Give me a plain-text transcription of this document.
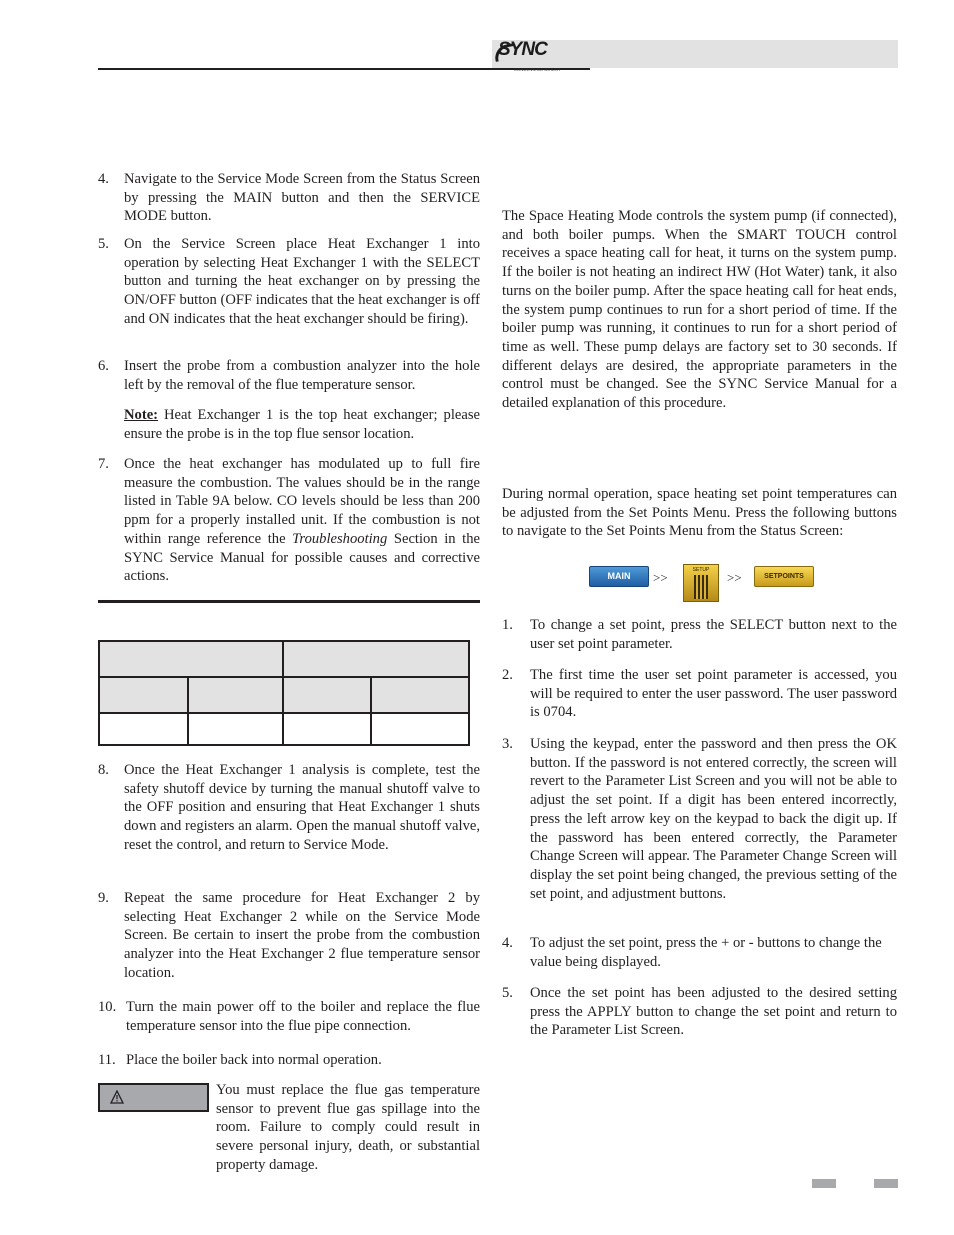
SYNC
CONDENSING BOILER
4. Navigate to the Service Mode Screen from the Status Screen by pressing the MAIN button and then the SERVICE MODE button.
5. On the Service Screen place Heat Exchanger 1 into operation by selecting Heat Exchanger 1 with the SELECT button and turning the heat exchanger on by pressing the ON/OFF button (OFF indicates that the heat exchanger is off and ON indicates that the heat exchanger should be firing).
6. Insert the probe from a combustion analyzer into the hole left by the removal of the flue temperature sensor.
Note: Heat Exchanger 1 is the top heat exchanger; please ensure the probe is in the top flue sensor location.
7. Once the heat exchanger has modulated up to full fire measure the combustion. The values should be in the range listed in Table 9A below. CO levels should be less than 200 ppm for a properly installed unit. If the combustion is not within range reference the Troubleshooting Section in the SYNC Service Manual for possible causes and corrective actions.
8. Once the Heat Exchanger 1 analysis is complete, test the safety shutoff device by turning the manual shutoff valve to the OFF position and ensuring that Heat Exchanger 1 shuts down and registers an alarm. Open the manual shutoff valve, reset the control, and return to Service Mode.
9. Repeat the same procedure for Heat Exchanger 2 by selecting Heat Exchanger 2 while on the Service Mode Screen. Be certain to insert the probe from the combustion analyzer into the Heat Exchanger 2 flue temperature sensor location.
10. Turn the main power off to the boiler and replace the flue temperature sensor into the flue pipe connection.
11. Place the boiler back into normal operation.
You must replace the flue gas temperature sensor to prevent flue gas spillage into the room. Failure to comply could result in severe personal injury, death, or substantial property damage.
The Space Heating Mode controls the system pump (if connected), and both boiler pumps. When the SMART TOUCH control receives a space heating call for heat, it turns on the system pump. If the boiler is not heating an indirect HW (Hot Water) tank, it also turns on the boiler pump. After the space heating call for heat ends, the system pump continues to run for a short period of time. If the boiler pump was running, it continues to run for a short period of time as well. These pump delays are factory set to 30 seconds. If different delays are desired, the appropriate parameters in the control must be changed. See the SYNC Service Manual for a detailed explanation of this procedure.
During normal operation, space heating set point temperatures can be adjusted from the Set Points Menu. Press the following buttons to navigate to the Set Points Menu from the Status Screen:
MAIN	>>	SETUP	>>	SETPOINTS
1. To change a set point, press the SELECT button next to the user set point parameter.
2. The first time the user set point parameter is accessed, you will be required to enter the user password. The user password is 0704.
3. Using the keypad, enter the password and then press the OK button. If the password is not entered correctly, the screen will revert to the Parameter List Screen and you will not be able to adjust the set point. If a digit has been entered incorrectly, press the left arrow key on the keypad to back the digit up. If the password has been entered correctly, the Parameter Change Screen will appear. The Parameter Change Screen will display the set point being changed, the previous setting of the set point, and adjustment buttons.
4. To adjust the set point, press the + or - buttons to change the value being displayed.
5. Once the set point has been adjusted to the desired setting press the APPLY button to change the set point and return to the Parameter List Screen.
